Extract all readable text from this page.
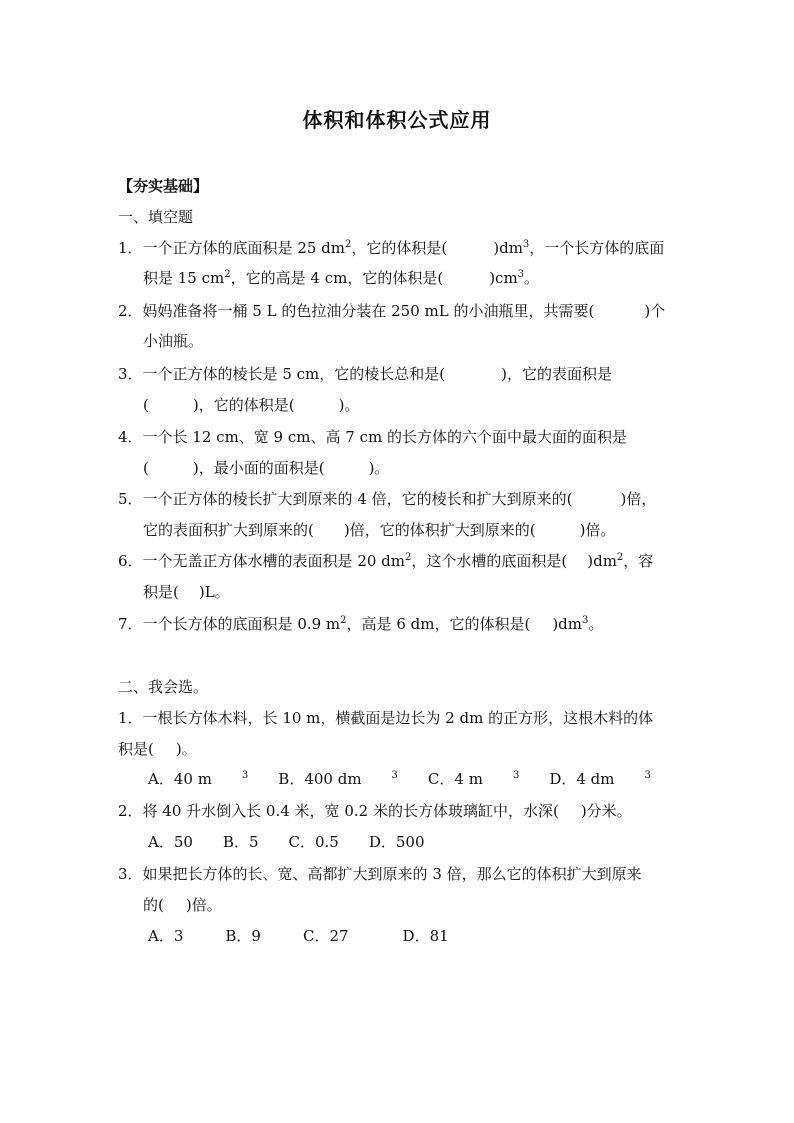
体积和体积公式应用
【夯实基础】
一、填空题
1．一个正方体的底面积是 25 $dm^2$，它的体积是(	)$dm^3$，一个长方体的底面
积是 15 $cm^2$，它的高是 4 cm，它的体积是(	)$cm^3$。
2．妈妈准备将一桶 5 L 的色拉油分装在 250 mL 的小油瓶里，共需要(	)个
小油瓶。
3．一个正方体的棱长是 5 cm，它的棱长总和是(	)，它的表面积是
(	)，它的体积是(	)。
4．一个长 12 cm、宽 9 cm、高 7 cm 的长方体的六个面中最大面的面积是
(	)，最小面的面积是(	)。
5．一个正方体的棱长扩大到原来的 4 倍，它的棱长和扩大到原来的(	)倍，
它的表面积扩大到原来的( )倍，它的体积扩大到原来的(	)倍。
6．一个无盖正方体水槽的表面积是 20 $dm^2$，这个水槽的底面积是( )$dm^2$，容
积是( )L。
7．一个长方体的底面积是 0.9 $m^2$，高是 6 dm，它的体积是( )$dm^3$。
二、我会选。
1．一根长方体木料，长 10 m，横截面是边长为 2 dm 的正方形，这根木料的体
积是( )。
A．40 m	$^3$ B．400 dm	$^3$ C．4 m	$^3$ D．4 dm	$^3$
2．将 40 升水倒入长 0.4 米，宽 0.2 米的长方体玻璃缸中，水深( )分米。
A．50 B．5 C．0.5 D．500
3．如果把长方体的长、宽、高都扩大到原来的 3 倍，那么它的体积扩大到原来
的( )倍。
A．3	B．9	C．27	D．81
